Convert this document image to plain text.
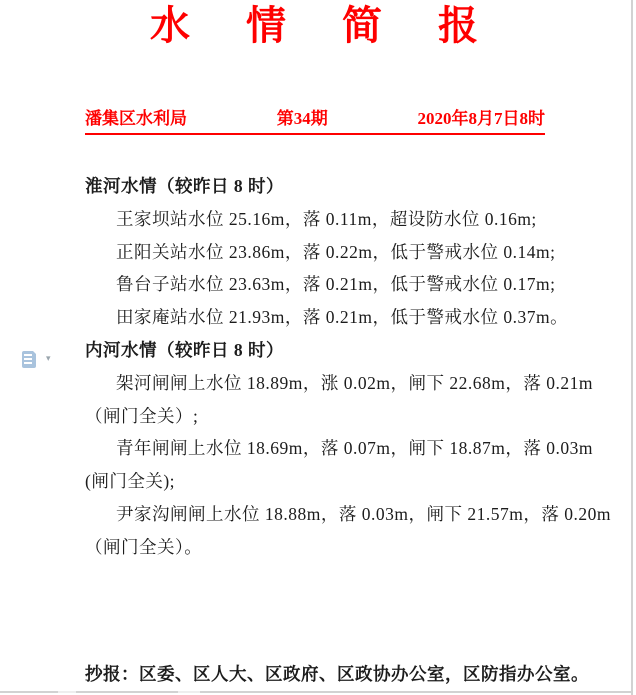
水　情　简　报
潘集区水利局	第34期	2020年8月7日8时
淮河水情（较昨日 8 时）
王家坝站水位 25.16m，落 0.11m，超设防水位 0.16m;
正阳关站水位 23.86m，落 0.22m，低于警戒水位 0.14m;
鲁台子站水位 23.63m，落 0.21m，低于警戒水位 0.17m;
田家庵站水位 21.93m，落 0.21m，低于警戒水位 0.37m。
内河水情（较昨日 8 时）
架河闸闸上水位 18.89m，涨 0.02m，闸下 22.68m，落 0.21m
（闸门全关）;
青年闸闸上水位 18.69m，落 0.07m，闸下 18.87m，落 0.03m
(闸门全关);
尹家沟闸闸上水位 18.88m，落 0.03m，闸下 21.57m，落 0.20m
（闸门全关）。
抄报：区委、区人大、区政府、区政协办公室，区防指办公室。
▾
